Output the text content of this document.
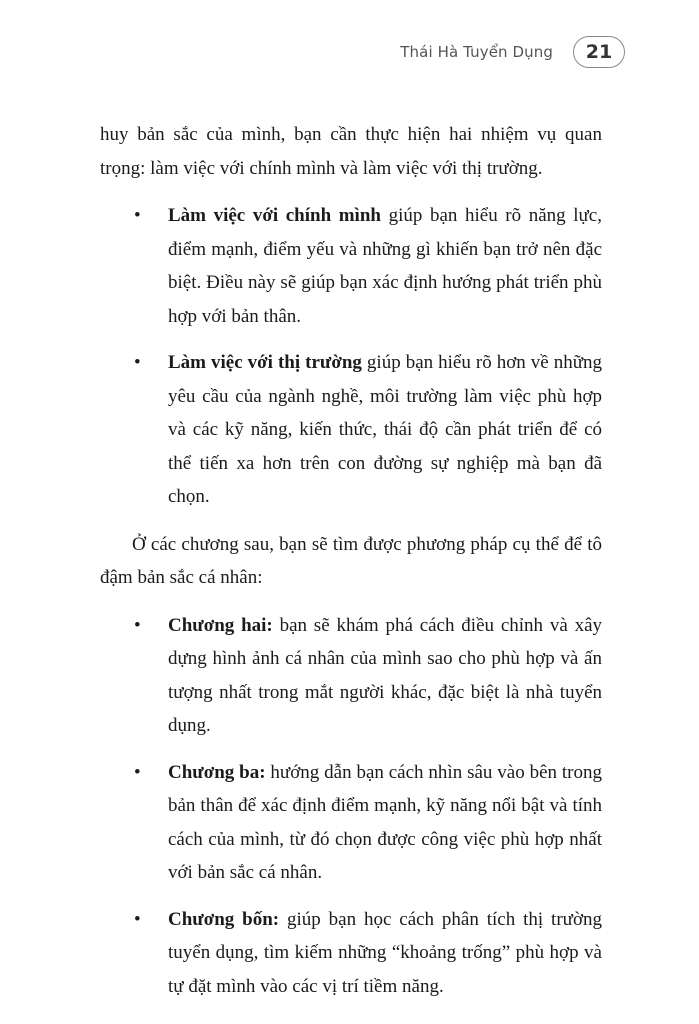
Thái Hà Tuyển Dụng	21

huy bản sắc của mình, bạn cần thực hiện hai nhiệm vụ quan trọng: làm việc với chính mình và làm việc với thị trường.

• Làm việc với chính mình giúp bạn hiểu rõ năng lực, điểm mạnh, điểm yếu và những gì khiến bạn trở nên đặc biệt. Điều này sẽ giúp bạn xác định hướng phát triển phù hợp với bản thân.
• Làm việc với thị trường giúp bạn hiểu rõ hơn về những yêu cầu của ngành nghề, môi trường làm việc phù hợp và các kỹ năng, kiến thức, thái độ cần phát triển để có thể tiến xa hơn trên con đường sự nghiệp mà bạn đã chọn.

Ở các chương sau, bạn sẽ tìm được phương pháp cụ thể để tô đậm bản sắc cá nhân:

• Chương hai: bạn sẽ khám phá cách điều chỉnh và xây dựng hình ảnh cá nhân của mình sao cho phù hợp và ấn tượng nhất trong mắt người khác, đặc biệt là nhà tuyển dụng.
• Chương ba: hướng dẫn bạn cách nhìn sâu vào bên trong bản thân để xác định điểm mạnh, kỹ năng nổi bật và tính cách của mình, từ đó chọn được công việc phù hợp nhất với bản sắc cá nhân.
• Chương bốn: giúp bạn học cách phân tích thị trường tuyển dụng, tìm kiếm những “khoảng trống” phù hợp và tự đặt mình vào các vị trí tiềm năng.
